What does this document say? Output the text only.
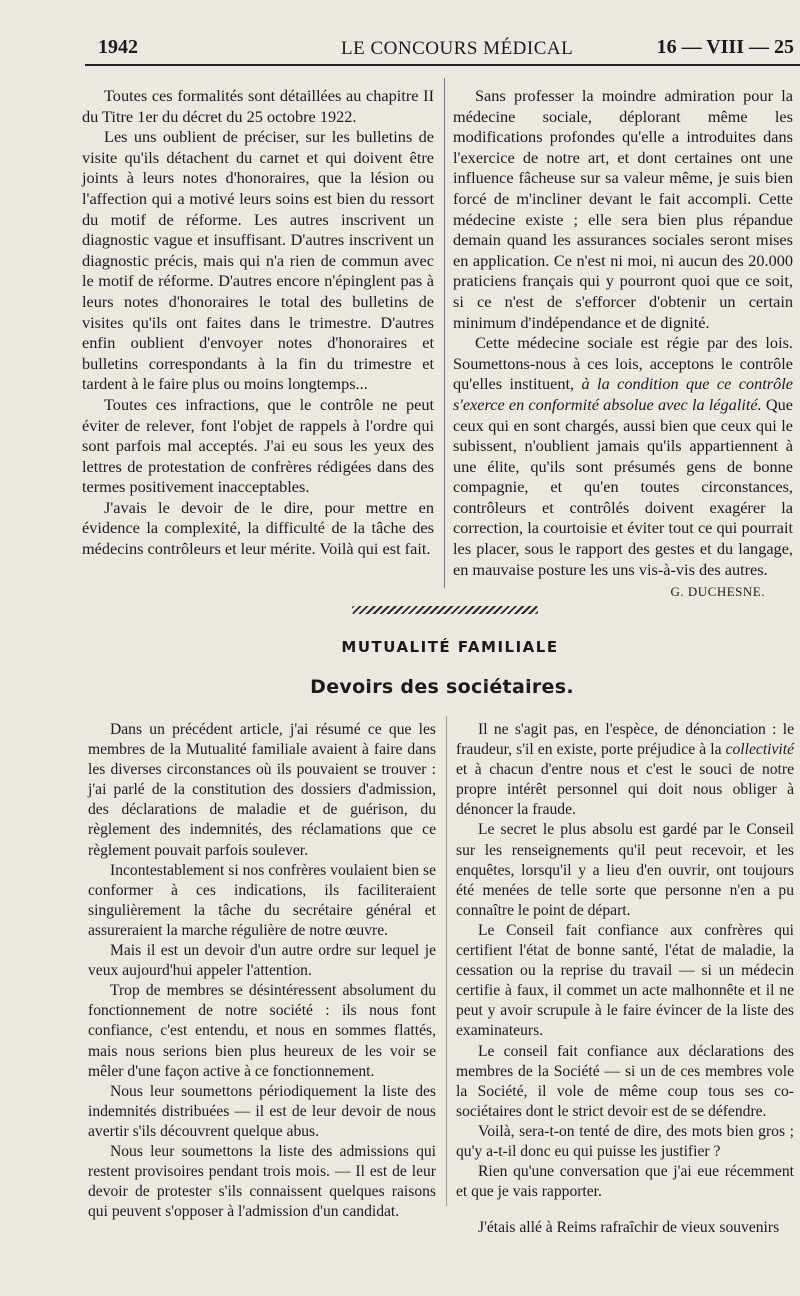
1942	LE CONCOURS MÉDICAL	16 — VIII — 25

Toutes ces formalités sont détaillées au chapitre II du Titre 1er du décret du 25 octobre 1922.

Les uns oublient de préciser, sur les bulletins de visite qu'ils détachent du carnet et qui doivent être joints à leurs notes d'honoraires, que la lésion ou l'affection qui a motivé leurs soins est bien du ressort du motif de réforme. Les autres inscrivent un diagnostic vague et insuffisant. D'autres inscrivent un diagnostic précis, mais qui n'a rien de commun avec le motif de réforme. D'autres encore n'épinglent pas à leurs notes d'honoraires le total des bulletins de visites qu'ils ont faites dans le trimestre. D'autres enfin oublient d'envoyer notes d'honoraires et bulletins correspondants à la fin du trimestre et tardent à le faire plus ou moins longtemps...

Toutes ces infractions, que le contrôle ne peut éviter de relever, font l'objet de rappels à l'ordre qui sont parfois mal acceptés. J'ai eu sous les yeux des lettres de protestation de confrères rédigées dans des termes positivement inacceptables.

J'avais le devoir de le dire, pour mettre en évidence la complexité, la difficulté de la tâche des médecins contrôleurs et leur mérite. Voilà qui est fait.

Sans professer la moindre admiration pour la médecine sociale, déplorant même les modifications profondes qu'elle a introduites dans l'exercice de notre art, et dont certaines ont une influence fâcheuse sur sa valeur même, je suis bien forcé de m'incliner devant le fait accompli. Cette médecine existe ; elle sera bien plus répandue demain quand les assurances sociales seront mises en application. Ce n'est ni moi, ni aucun des 20.000 praticiens français qui y pourront quoi que ce soit, si ce n'est de s'efforcer d'obtenir un certain minimum d'indépendance et de dignité.

Cette médecine sociale est régie par des lois. Soumettons-nous à ces lois, acceptons le contrôle qu'elles instituent, à la condition que ce contrôle s'exerce en conformité absolue avec la légalité. Que ceux qui en sont chargés, aussi bien que ceux qui le subissent, n'oublient jamais qu'ils appartiennent à une élite, qu'ils sont présumés gens de bonne compagnie, et qu'en toutes circonstances, contrôleurs et contrôlés doivent exagérer la correction, la courtoisie et éviter tout ce qui pourrait les placer, sous le rapport des gestes et du langage, en mauvaise posture les uns vis-à-vis des autres.

G. DUCHESNE.
MUTUALITÉ FAMILIALE
Devoirs des sociétaires.

Dans un précédent article, j'ai résumé ce que les membres de la Mutualité familiale avaient à faire dans les diverses circonstances où ils pouvaient se trouver : j'ai parlé de la constitution des dossiers d'admission, des déclarations de maladie et de guérison, du règlement des indemnités, des réclamations que ce règlement pouvait parfois soulever.

Incontestablement si nos confrères voulaient bien se conformer à ces indications, ils faciliteraient singulièrement la tâche du secrétaire général et assureraient la marche régulière de notre œuvre.

Mais il est un devoir d'un autre ordre sur lequel je veux aujourd'hui appeler l'attention.

Trop de membres se désintéressent absolument du fonctionnement de notre société : ils nous font confiance, c'est entendu, et nous en sommes flattés, mais nous serions bien plus heureux de les voir se mêler d'une façon active à ce fonctionnement.

Nous leur soumettons périodiquement la liste des indemnités distribuées — il est de leur devoir de nous avertir s'ils découvrent quelque abus.

Nous leur soumettons la liste des admissions qui restent provisoires pendant trois mois. — Il est de leur devoir de protester s'ils connaissent quelques raisons qui peuvent s'opposer à l'admission d'un candidat.

Il ne s'agit pas, en l'espèce, de dénonciation : le fraudeur, s'il en existe, porte préjudice à la collectivité et à chacun d'entre nous et c'est le souci de notre propre intérêt personnel qui doit nous obliger à dénoncer la fraude.

Le secret le plus absolu est gardé par le Conseil sur les renseignements qu'il peut recevoir, et les enquêtes, lorsqu'il y a lieu d'en ouvrir, ont toujours été menées de telle sorte que personne n'en a pu connaître le point de départ.

Le Conseil fait confiance aux confrères qui certifient l'état de bonne santé, l'état de maladie, la cessation ou la reprise du travail — si un médecin certifie à faux, il commet un acte malhonnête et il ne peut y avoir scrupule à le faire évincer de la liste des examinateurs.

Le conseil fait confiance aux déclarations des membres de la Société — si un de ces membres vole la Société, il vole de même coup tous ses co-sociétaires dont le strict devoir est de se défendre.

Voilà, sera-t-on tenté de dire, des mots bien gros ; qu'y a-t-il donc eu qui puisse les justifier ?

Rien qu'une conversation que j'ai eue récemment et que je vais rapporter.

J'étais allé à Reims rafraîchir de vieux souvenirs
